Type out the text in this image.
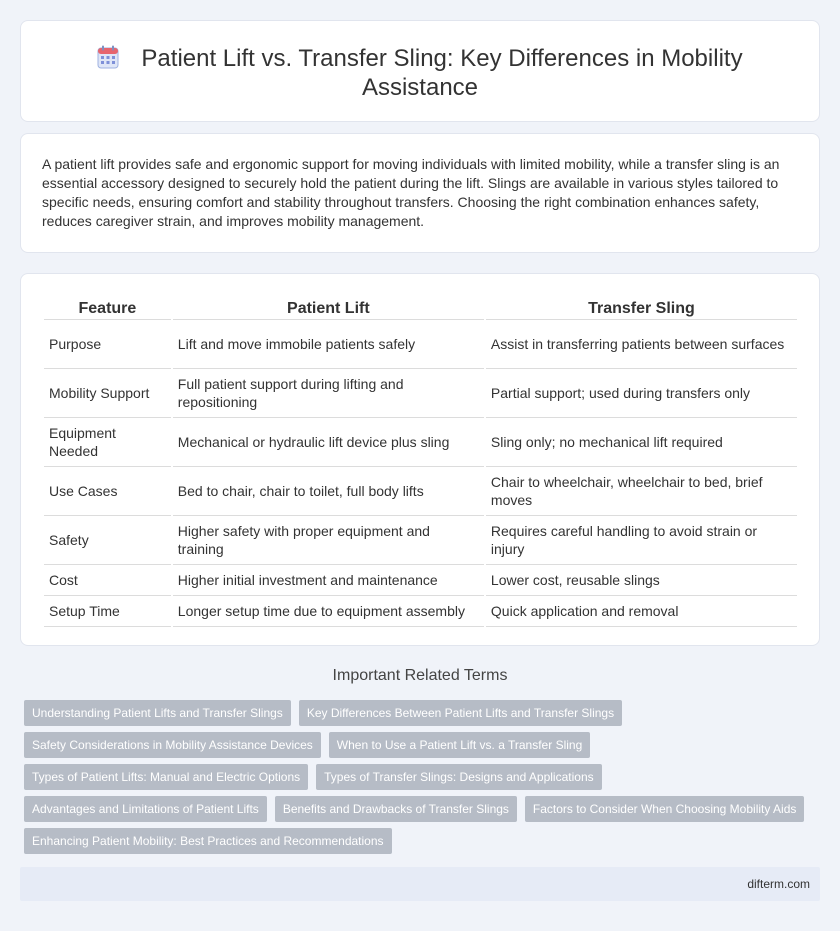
Patient Lift vs. Transfer Sling: Key Differences in Mobility Assistance

A patient lift provides safe and ergonomic support for moving individuals with limited mobility, while a transfer sling is an essential accessory designed to securely hold the patient during the lift. Slings are available in various styles tailored to specific needs, ensuring comfort and stability throughout transfers. Choosing the right combination enhances safety, reduces caregiver strain, and improves mobility management.

Feature	Patient Lift	Transfer Sling
Purpose	Lift and move immobile patients safely	Assist in transferring patients between surfaces
Mobility Support	Full patient support during lifting and repositioning	Partial support; used during transfers only
Equipment Needed	Mechanical or hydraulic lift device plus sling	Sling only; no mechanical lift required
Use Cases	Bed to chair, chair to toilet, full body lifts	Chair to wheelchair, wheelchair to bed, brief moves
Safety	Higher safety with proper equipment and training	Requires careful handling to avoid strain or injury
Cost	Higher initial investment and maintenance	Lower cost, reusable slings
Setup Time	Longer setup time due to equipment assembly	Quick application and removal
Important Related Terms
Understanding Patient Lifts and Transfer Slings	Key Differences Between Patient Lifts and Transfer Slings
Safety Considerations in Mobility Assistance Devices	When to Use a Patient Lift vs. a Transfer Sling
Types of Patient Lifts: Manual and Electric Options	Types of Transfer Slings: Designs and Applications
Advantages and Limitations of Patient Lifts	Benefits and Drawbacks of Transfer Slings	Factors to Consider When Choosing Mobility Aids
Enhancing Patient Mobility: Best Practices and Recommendations
difterm.com
